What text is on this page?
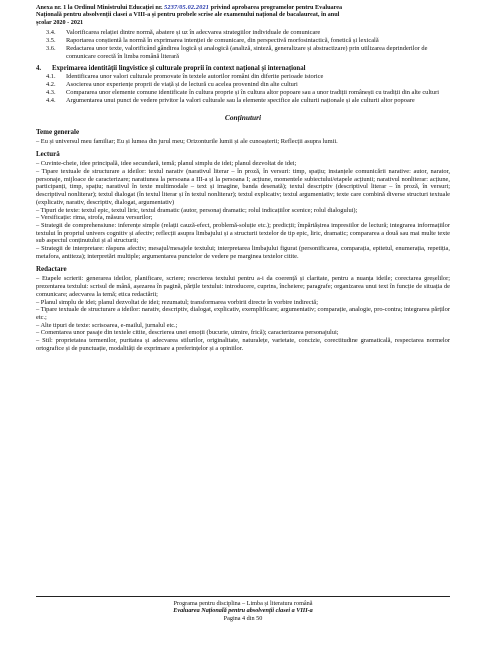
Anexa nr. 1 la Ordinul Ministrului Educației nr. 5237/05.02.2021 privind aprobarea programelor pentru Evaluarea
Națională pentru absolvenții clasei a VIII-a și pentru probele scrise ale examenului național de bacalaureat, în anul
școlar 2020 - 2021
3.4.	Valorificarea relației dintre normă, abatere și uz în adecvarea strategiilor individuale de comunicare
3.5.	Raportarea conștientă la normă în exprimarea intenției de comunicare, din perspectivă morfosintactică, fonetică și lexicală
3.6.	Redactarea unor texte, valorificând gândirea logică și analogică (analiză, sinteză, generalizare și abstractizare) prin utilizarea deprinderilor de comunicare corectă în limba română literară
4.	Exprimarea identității lingvistice și culturale proprii în context național și internațional
4.1.	Identificarea unor valori culturale promovate în textele autorilor români din diferite perioade istorice
4.2.	Asocierea unor experiențe proprii de viață și de lectură cu acelea provenind din alte culturi
4.3.	Compararea unor elemente comune identificate în cultura proprie și în cultura altor popoare sau a unor tradiții românești cu tradiții din alte culturi
4.4.	Argumentarea unui punct de vedere privitor la valori culturale sau la elemente specifice ale culturii naționale și ale culturii altor popoare
Conținuturi
Teme generale
– Eu și universul meu familiar; Eu și lumea din jurul meu; Orizonturile lumii și ale cunoașterii; Reflecții asupra lumii.
Lectură
– Cuvinte-cheie, idee principală, idee secundară, temă; planul simplu de idei; planul dezvoltat de idei;
– Tipare textuale de structurare a ideilor: textul narativ (narativul literar – în proză, în versuri: timp, spațiu; instanțele comunicării narative: autor, narator, personaje, mijloace de caracterizare; naratiunea la persoana a III-a și la persoana I; acțiune, momentele subiectului/etapele acțiunii; narativul nonliterar: acțiune, participanți, timp, spațiu; narativul în texte multimodale – text și imagine, banda desenată); textul descriptiv (descriptivul literar – în proză, în versuri; descriptivul nonliterar); textul dialogat (în textul literar și în textul nonliterar); textul explicativ; textul argumentativ; texte care combină diverse structuri textuale (explicativ, narativ, descriptiv, dialogat, argumentativ)
– Tipuri de texte: textul epic, textul liric, textul dramatic (autor, personaj dramatic; rolul indicațiilor scenice; rolul dialogului);
– Versificație: rima, strofa, măsura versurilor;
– Strategii de comprehensiune: inferențe simple (relații cauză-efect, problemă-soluție etc.); predicții; împărtășirea impresiilor de lectură; integrarea informațiilor textului în propriul univers cognitiv și afectiv; reflecții asupra limbajului și a structurii textelor de tip epic, liric, dramatic; compararea a două sau mai multe texte sub aspectul conținutului și al structurii;
– Strategii de interpretare: răspuns afectiv; mesajul/mesajele textului; interpretarea limbajului figurat (personificarea, comparația, epitetul, enumerația, repetiția, metafora, antiteza); interpretări multiple; argumentarea punctelor de vedere pe marginea textelor citite.
Redactare
– Etapele scrierii: generarea ideilor, planificare, scriere; rescrierea textului pentru a-i da coerență și claritate, pentru a nuanța ideile; corectarea greșelilor; prezentarea textului: scrisul de mână, așezarea în pagină, părțile textului: introducere, cuprins, încheiere; paragrafe; organizarea unui text în funcție de situația de comunicare; adecvarea la temă; etica redactării;
– Planul simplu de idei; planul dezvoltat de idei; rezumatul; transformarea vorbirii directe în vorbire indirectă;
– Tipare textuale de structurare a ideilor: narativ, descriptiv, dialogat, explicativ, exemplificare; argumentativ; comparație, analogie, pro-contra; integrarea părților etc.;
– Alte tipuri de texte: scrisoarea, e-mailul, jurnalul etc.;
– Comentarea unor pasaje din textele citite, descrierea unei emoții (bucurie, uimire, frică); caracterizarea personajului;
– Stil: proprietatea termenilor, puritatea și adecvarea stilurilor, originalitate, naturalețe, varietate, concizie, corectitudine gramaticală, respectarea normelor ortografice și de punctuație, modalități de exprimare a preferințelor și a opiniilor.
Programa pentru disciplina – Limba și literatura română
Evaluarea Națională pentru absolvenții clasei a VIII-a
Pagina 4 din 50
